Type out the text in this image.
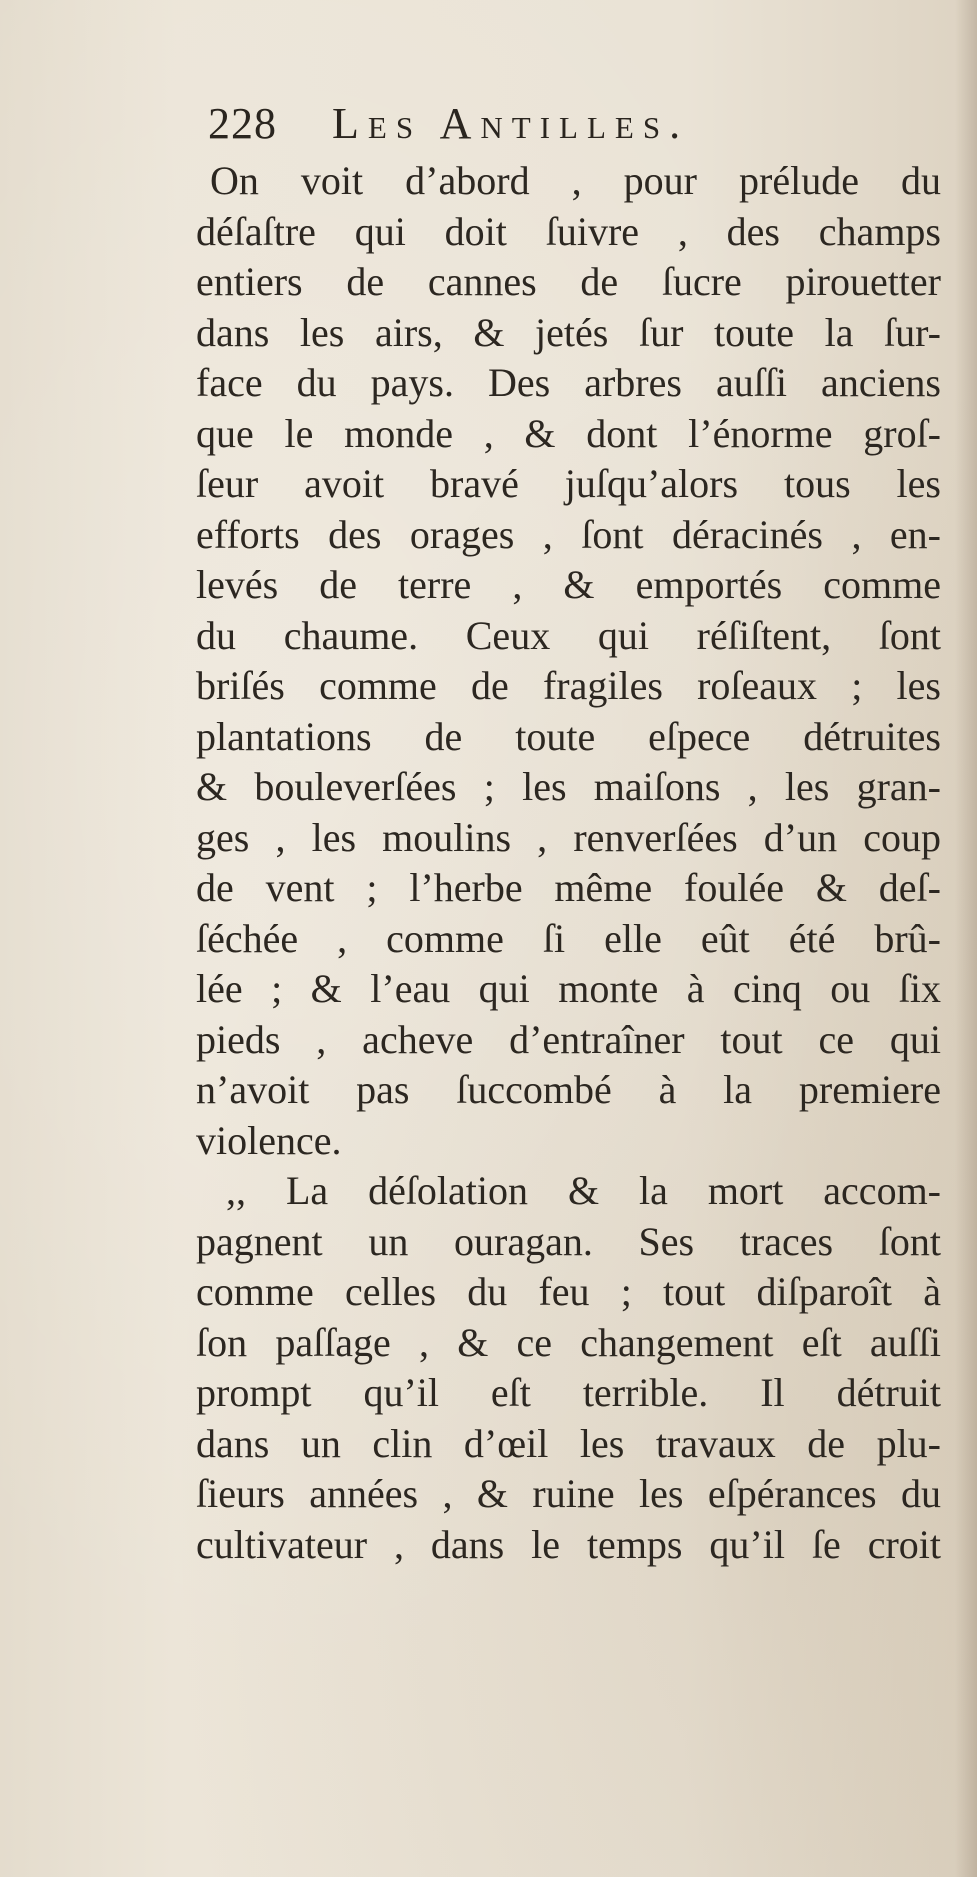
228 Les Antilles.
On voit d’abord , pour prélude du
déſaſtre qui doit ſuivre , des champs
entiers de cannes de ſucre pirouetter
dans les airs, & jetés ſur toute la ſur-
face du pays. Des arbres auſſi anciens
que le monde , & dont l’énorme groſ-
ſeur avoit bravé juſqu’alors tous les
efforts des orages , ſont déracinés , en-
levés de terre , & emportés comme
du chaume. Ceux qui réſiſtent, ſont
briſés comme de fragiles roſeaux ; les
plantations de toute eſpece détruites
& bouleverſées ; les maiſons , les gran-
ges , les moulins , renverſées d’un coup
de vent ; l’herbe même foulée & deſ-
ſéchée , comme ſi elle eût été brû-
lée ; & l’eau qui monte à cinq ou ſix
pieds , acheve d’entraîner tout ce qui
n’avoit pas ſuccombé à la premiere
violence.
,, La déſolation & la mort accom-
pagnent un ouragan. Ses traces ſont
comme celles du feu ; tout diſparoît à
ſon paſſage , & ce changement eſt auſſi
prompt qu’il eſt terrible. Il détruit
dans un clin d’œil les travaux de plu-
ſieurs années , & ruine les eſpérances du
cultivateur , dans le temps qu’il ſe croit
